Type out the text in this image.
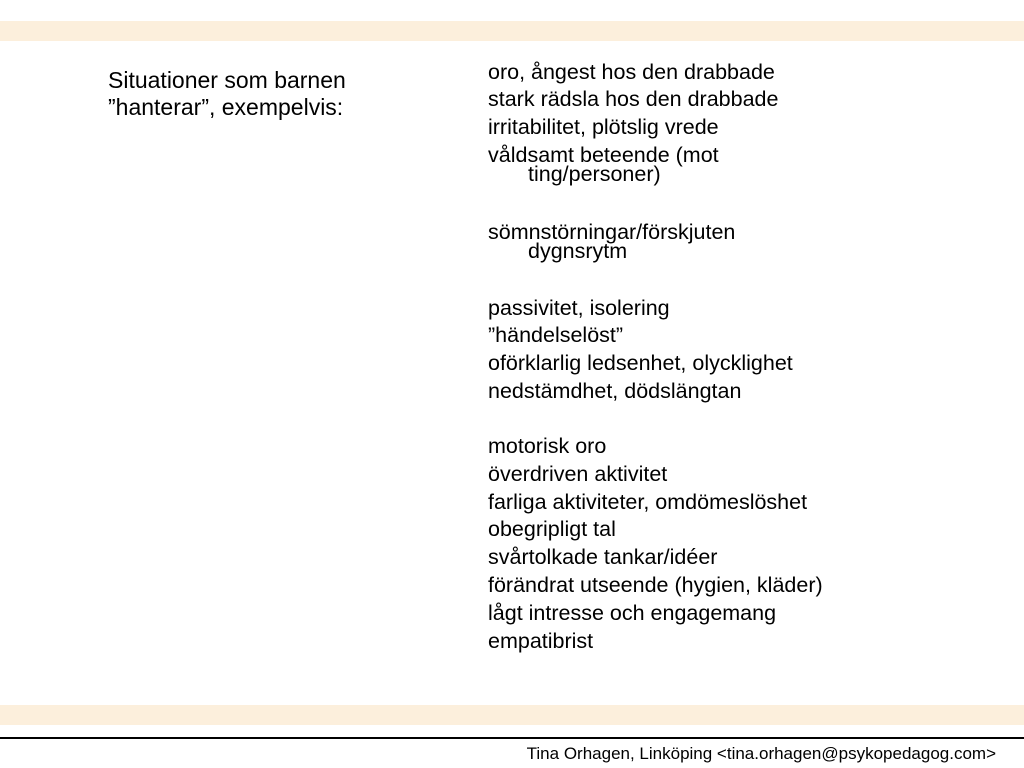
Situationer som barnen
”hanterar”, exempelvis:
oro, ångest hos den drabbade
stark rädsla hos den drabbade
irritabilitet, plötslig vrede
våldsamt beteende (mot
ting/personer)
sömnstörningar/förskjuten
dygnsrytm
passivitet, isolering
”händelselöst”
oförklarlig ledsenhet, olycklighet
nedstämdhet, dödslängtan
motorisk oro
överdriven aktivitet
farliga aktiviteter, omdömeslöshet
obegripligt tal
svårtolkade tankar/idéer
förändrat utseende (hygien, kläder)
lågt intresse och engagemang
empatibrist
Tina Orhagen, Linköping <tina.orhagen@psykopedagog.com>
